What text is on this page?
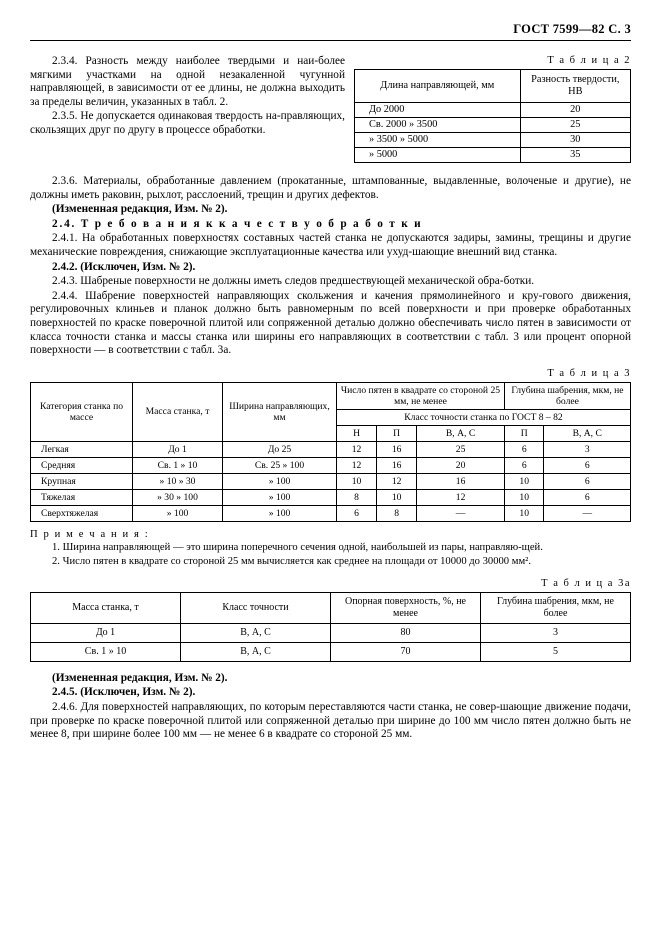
ГОСТ 7599—82 С. 3

2.3.4. Разность между наиболее твердыми и наи-более мягкими участками на одной незакаленной чугунной направляющей, в зависимости от ее длины, не должна выходить за пределы величин, указанных в табл. 2.

2.3.5. Не допускается одинаковая твердость на-правляющих, скользящих друг по другу в процессе обработки.

Т а б л и ц а 2
Длина направляющей, мм	Разность твердости, НВ
До 2000	20
Св. 2000 » 3500	25
» 3500 » 5000	30
» 5000	35

2.3.6. Материалы, обработанные давлением (прокатанные, штампованные, выдавленные, волоченые и другие), не должны иметь раковин, рыхлот, расслоений, трещин и других дефектов.

(Измененная редакция, Изм. № 2).

2.4. Т р е б о в а н и я к к а ч е с т в у о б р а б о т к и

2.4.1. На обработанных поверхностях составных частей станка не допускаются задиры, замины, трещины и другие механические повреждения, снижающие эксплуатационные качества или ухуд-шающие внешний вид станка.

2.4.2. (Исключен, Изм. № 2).

2.4.3. Шабреные поверхности не должны иметь следов предшествующей механической обра-ботки.

2.4.4. Шабрение поверхностей направляющих скольжения и качения прямолинейного и кру-гового движения, регулировочных клиньев и планок должно быть равномерным по всей поверхности и при проверке обработанных поверхностей по краске поверочной плитой или сопряженной деталью должно обеспечивать число пятен в зависимости от класса точности станка и массы станка или ширины его направляющих в соответствии с табл. 3 или процент опорной поверхности — в соответствии с табл. 3а.

Т а б л и ц а 3
Категория станка по массе	Масса станка, т	Ширина направляющих, мм	Число пятен в квадрате со стороной 25 мм, не менее			Глубина шабрения, мкм, не более	
			Класс точности станка по ГОСТ 8 – 82				
			Н	П	В, А, С	П	В, А, С
Легкая	До 1	До 25	12	16	25	6	3
Средняя	Св. 1 » 10	Св. 25 » 100	12	16	20	6	6
Крупная	» 10 » 30	» 100	10	12	16	10	6
Тяжелая	» 30 » 100	» 100	8	10	12	10	6
Сверхтяжелая	» 100	» 100	6	8	—	10	—
П р и м е ч а н и я :

1. Ширина направляющей — это ширина поперечного сечения одной, наибольшей из пары, направляю-щей.

2. Число пятен в квадрате со стороной 25 мм вычисляется как среднее на площади от 10000 до 30000 мм².

Т а б л и ц а 3а
Масса станка, т	Класс точности	Опорная поверхность, %, не менее	Глубина шабрения, мкм, не более
До 1	В, А, С	80	3
Св. 1 » 10	В, А, С	70	5

(Измененная редакция, Изм. № 2).

2.4.5. (Исключен, Изм. № 2).

2.4.6. Для поверхностей направляющих, по которым переставляются части станка, не совер-шающие движение подачи, при проверке по краске поверочной плитой или сопряженной деталью при ширине до 100 мм число пятен должно быть не менее 8, при ширине более 100 мм — не менее 6 в квадрате со стороной 25 мм.
